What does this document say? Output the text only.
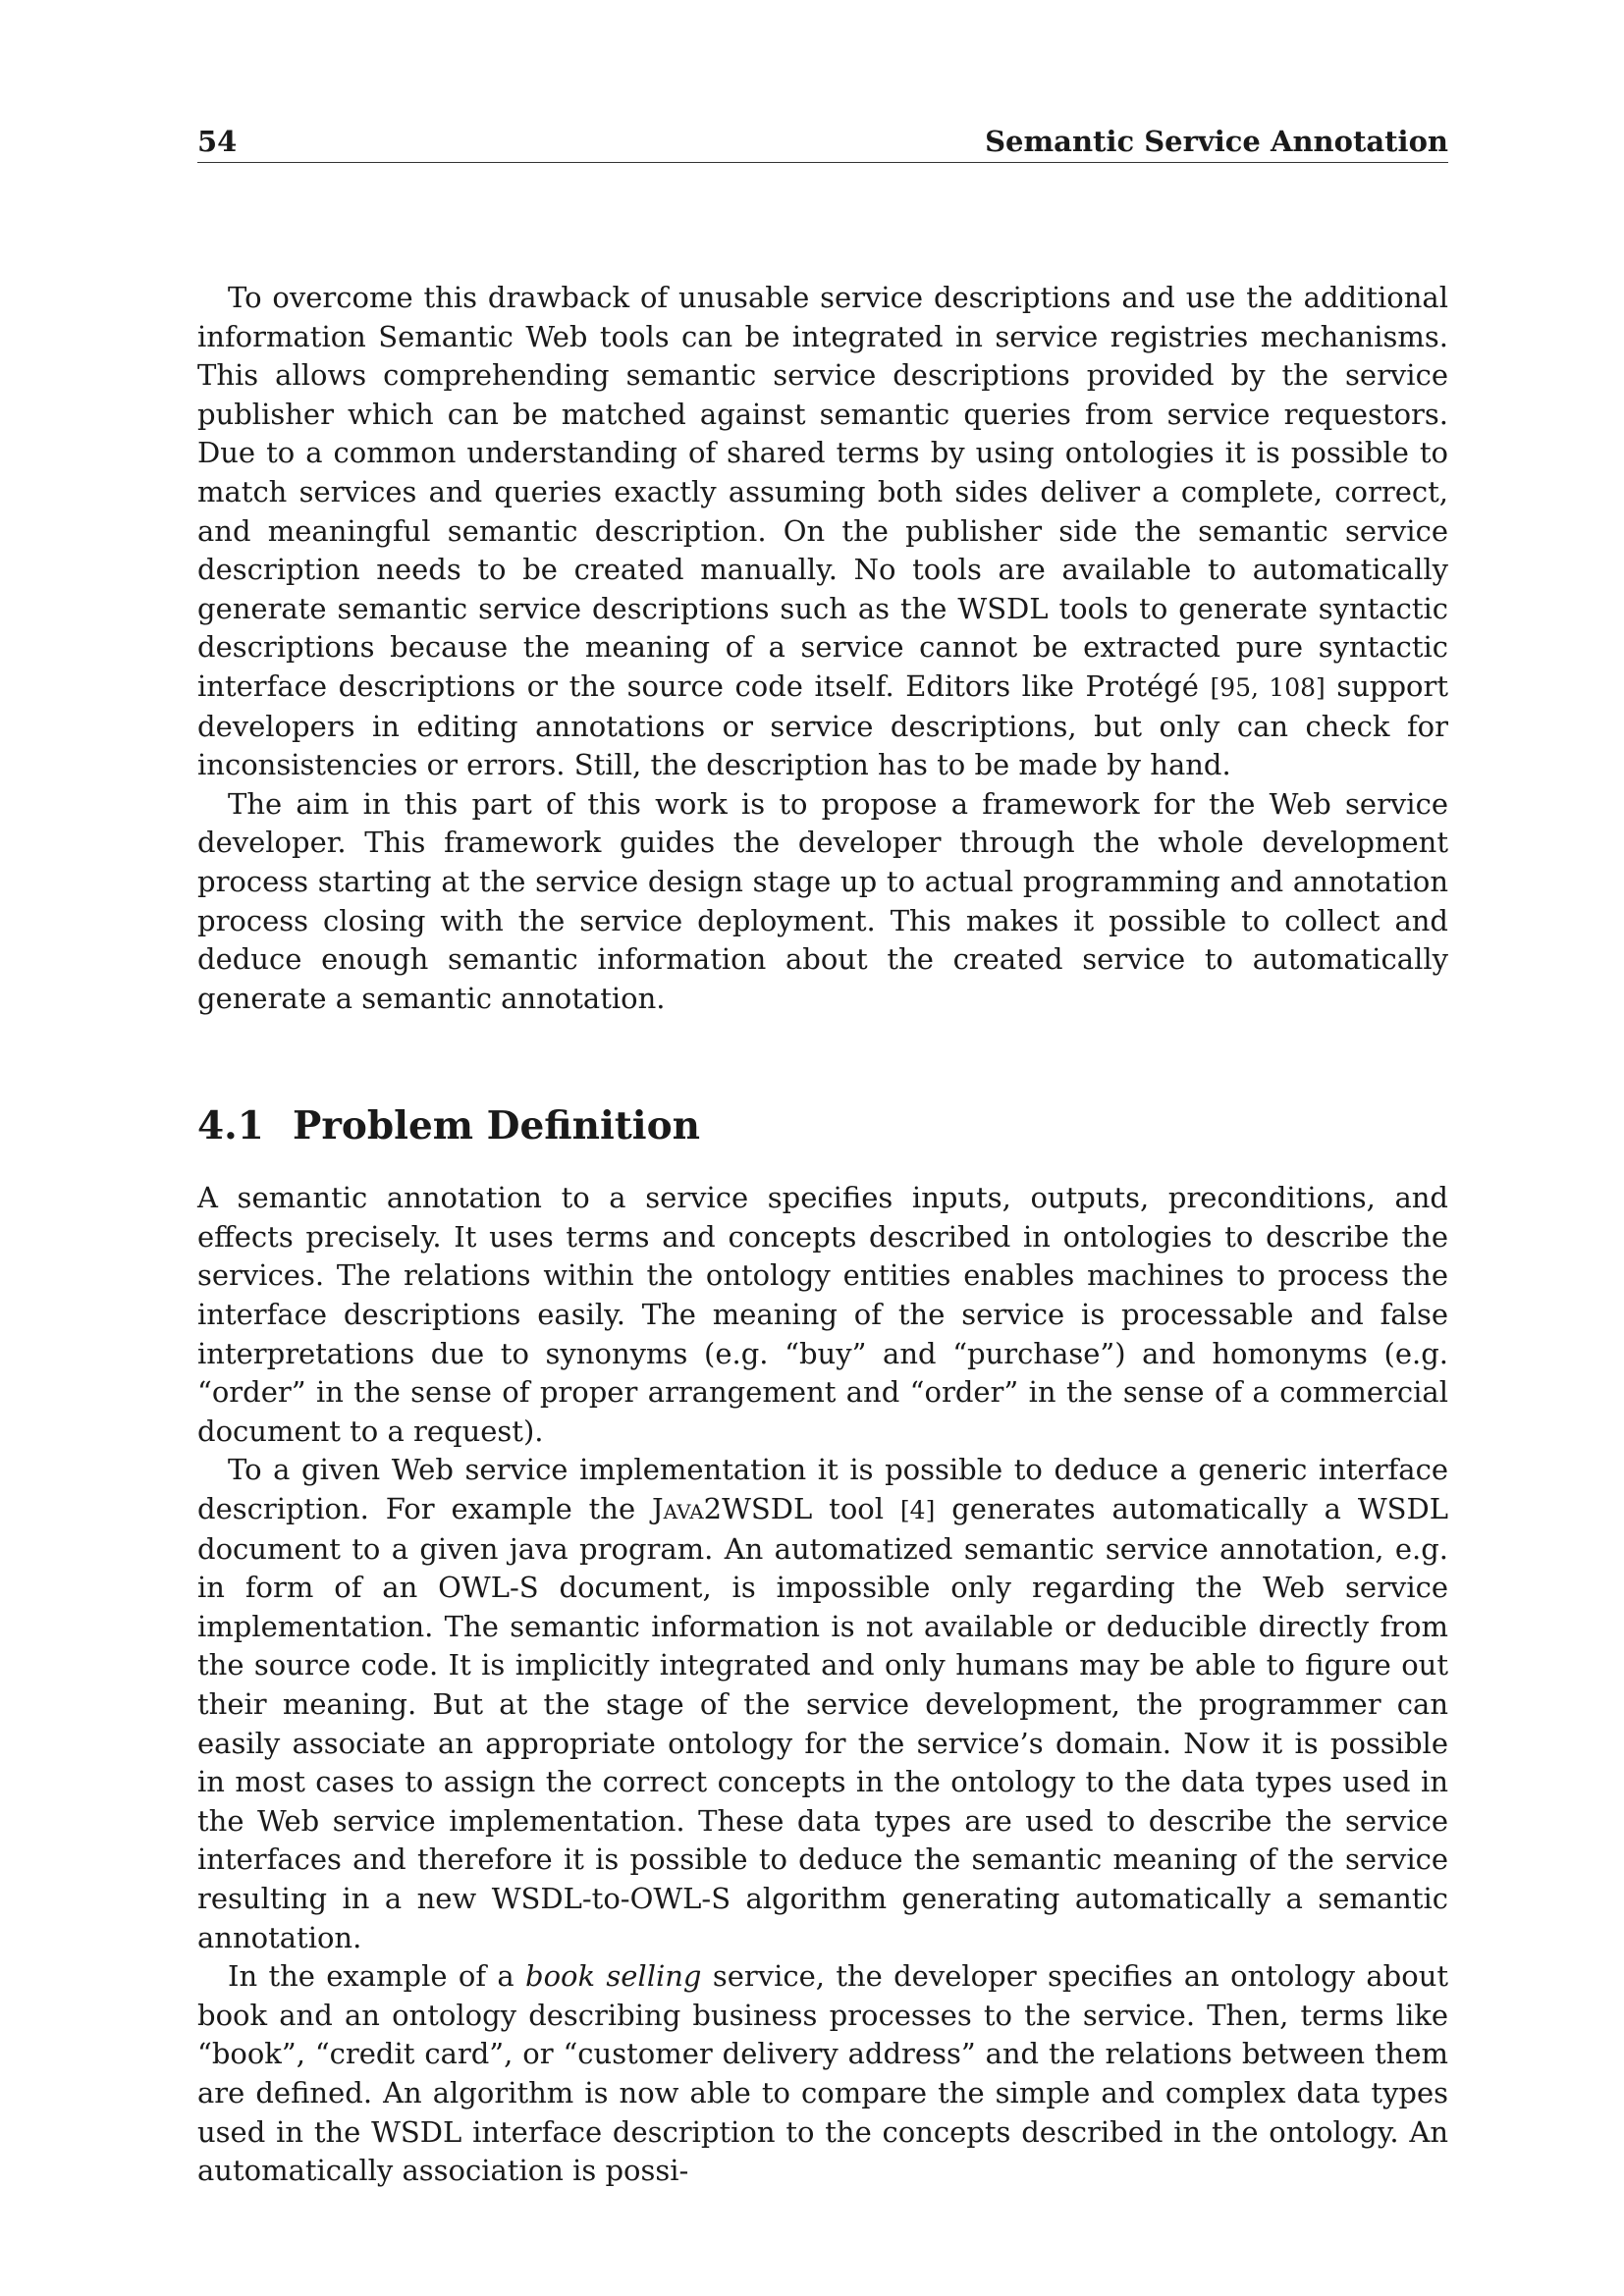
54	Semantic Service Annotation

To overcome this drawback of unusable service descriptions and use the additional information Semantic Web tools can be integrated in service registries mechanisms. This allows comprehending semantic service descriptions provided by the service publisher which can be matched against semantic queries from service requestors. Due to a common understanding of shared terms by using ontologies it is possible to match services and queries exactly assuming both sides deliver a complete, correct, and meaningful semantic description. On the publisher side the semantic service description needs to be created manually. No tools are available to automatically generate semantic service descriptions such as the WSDL tools to generate syntactic descriptions because the meaning of a service cannot be extracted pure syntactic interface descriptions or the source code itself. Editors like Protégé [95, 108] support developers in editing annotations or service descriptions, but only can check for inconsistencies or errors. Still, the description has to be made by hand.

The aim in this part of this work is to propose a framework for the Web service developer. This framework guides the developer through the whole development process starting at the service design stage up to actual programming and annotation process closing with the service deployment. This makes it possible to collect and deduce enough semantic information about the created service to automatically generate a semantic annotation.

4.1 Problem Definition

A semantic annotation to a service specifies inputs, outputs, preconditions, and effects precisely. It uses terms and concepts described in ontologies to describe the services. The relations within the ontology entities enables machines to process the interface descriptions easily. The meaning of the service is processable and false interpretations due to synonyms (e.g. “buy” and “purchase”) and homonyms (e.g. “order” in the sense of proper arrangement and “order” in the sense of a commercial document to a request).

To a given Web service implementation it is possible to deduce a generic interface description. For example the Java2WSDL tool [4] generates automatically a WSDL document to a given java program. An automatized semantic service annotation, e.g. in form of an OWL-S document, is impossible only regarding the Web service implementation. The semantic information is not available or deducible directly from the source code. It is implicitly integrated and only humans may be able to figure out their meaning. But at the stage of the service development, the programmer can easily associate an appropriate ontology for the service’s domain. Now it is possible in most cases to assign the correct concepts in the ontology to the data types used in the Web service implementation. These data types are used to describe the service interfaces and therefore it is possible to deduce the semantic meaning of the service resulting in a new WSDL-to-OWL-S algorithm generating automatically a semantic annotation.

In the example of a book selling service, the developer specifies an ontology about book and an ontology describing business processes to the service. Then, terms like “book”, “credit card”, or “customer delivery address” and the relations between them are defined. An algorithm is now able to compare the simple and complex data types used in the WSDL interface description to the concepts described in the ontology. An automatically association is possi-
